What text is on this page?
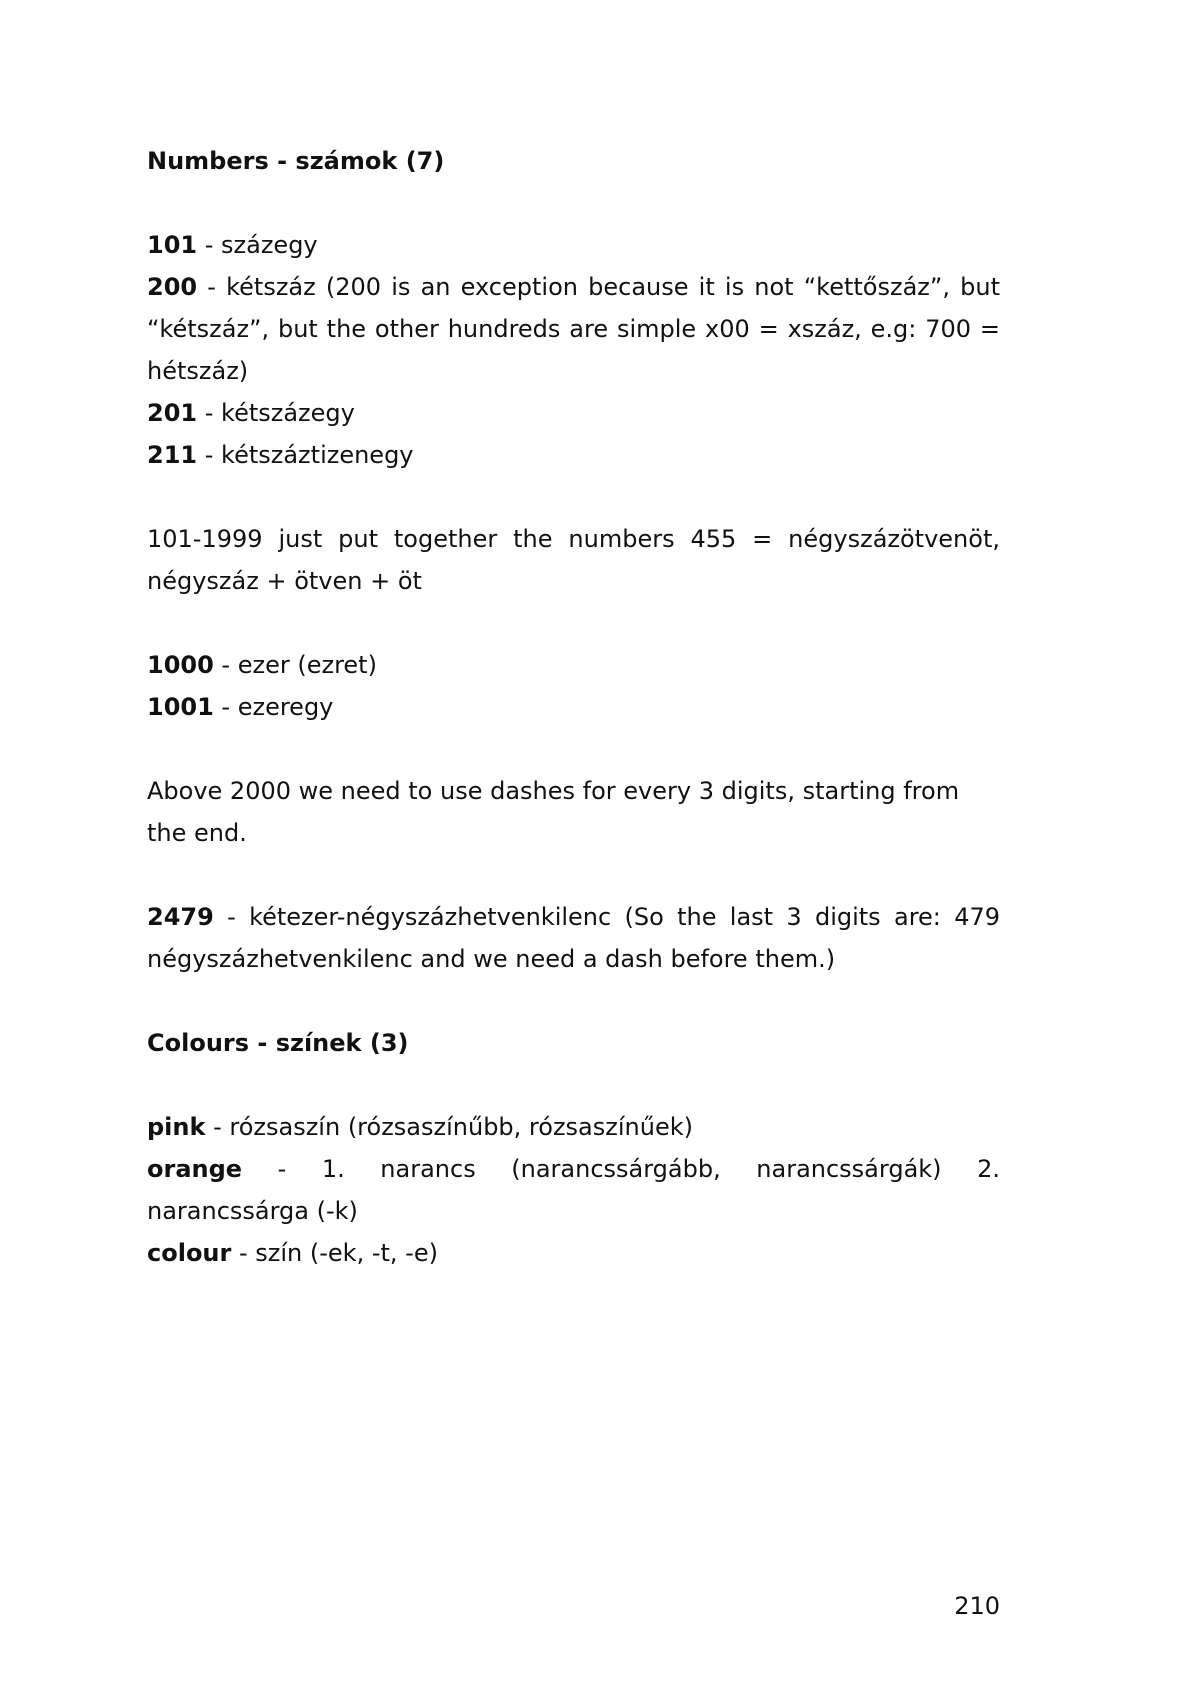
Numbers - számok (7)

101 - százegy

200 - kétszáz (200 is an exception because it is not “kettőszáz”, but “kétszáz”, but the other hundreds are simple x00 = xszáz, e.g: 700 = hétszáz)

201 - kétszázegy

211 - kétszáztizenegy

101-1999 just put together the numbers 455 = négyszázötvenöt, négyszáz + ötven + öt

1000 - ezer (ezret)

1001 - ezeregy

Above 2000 we need to use dashes for every 3 digits, starting from the end.

2479 - kétezer-négyszázhetvenkilenc (So the last 3 digits are: 479 négyszázhetvenkilenc and we need a dash before them.)

Colours - színek (3)

pink - rózsaszín (rózsaszínűbb, rózsaszínűek)

orange - 1. narancs (narancssárgább, narancssárgák) 2. narancssárga (-k)

colour - szín (-ek, -t, -e)

210
